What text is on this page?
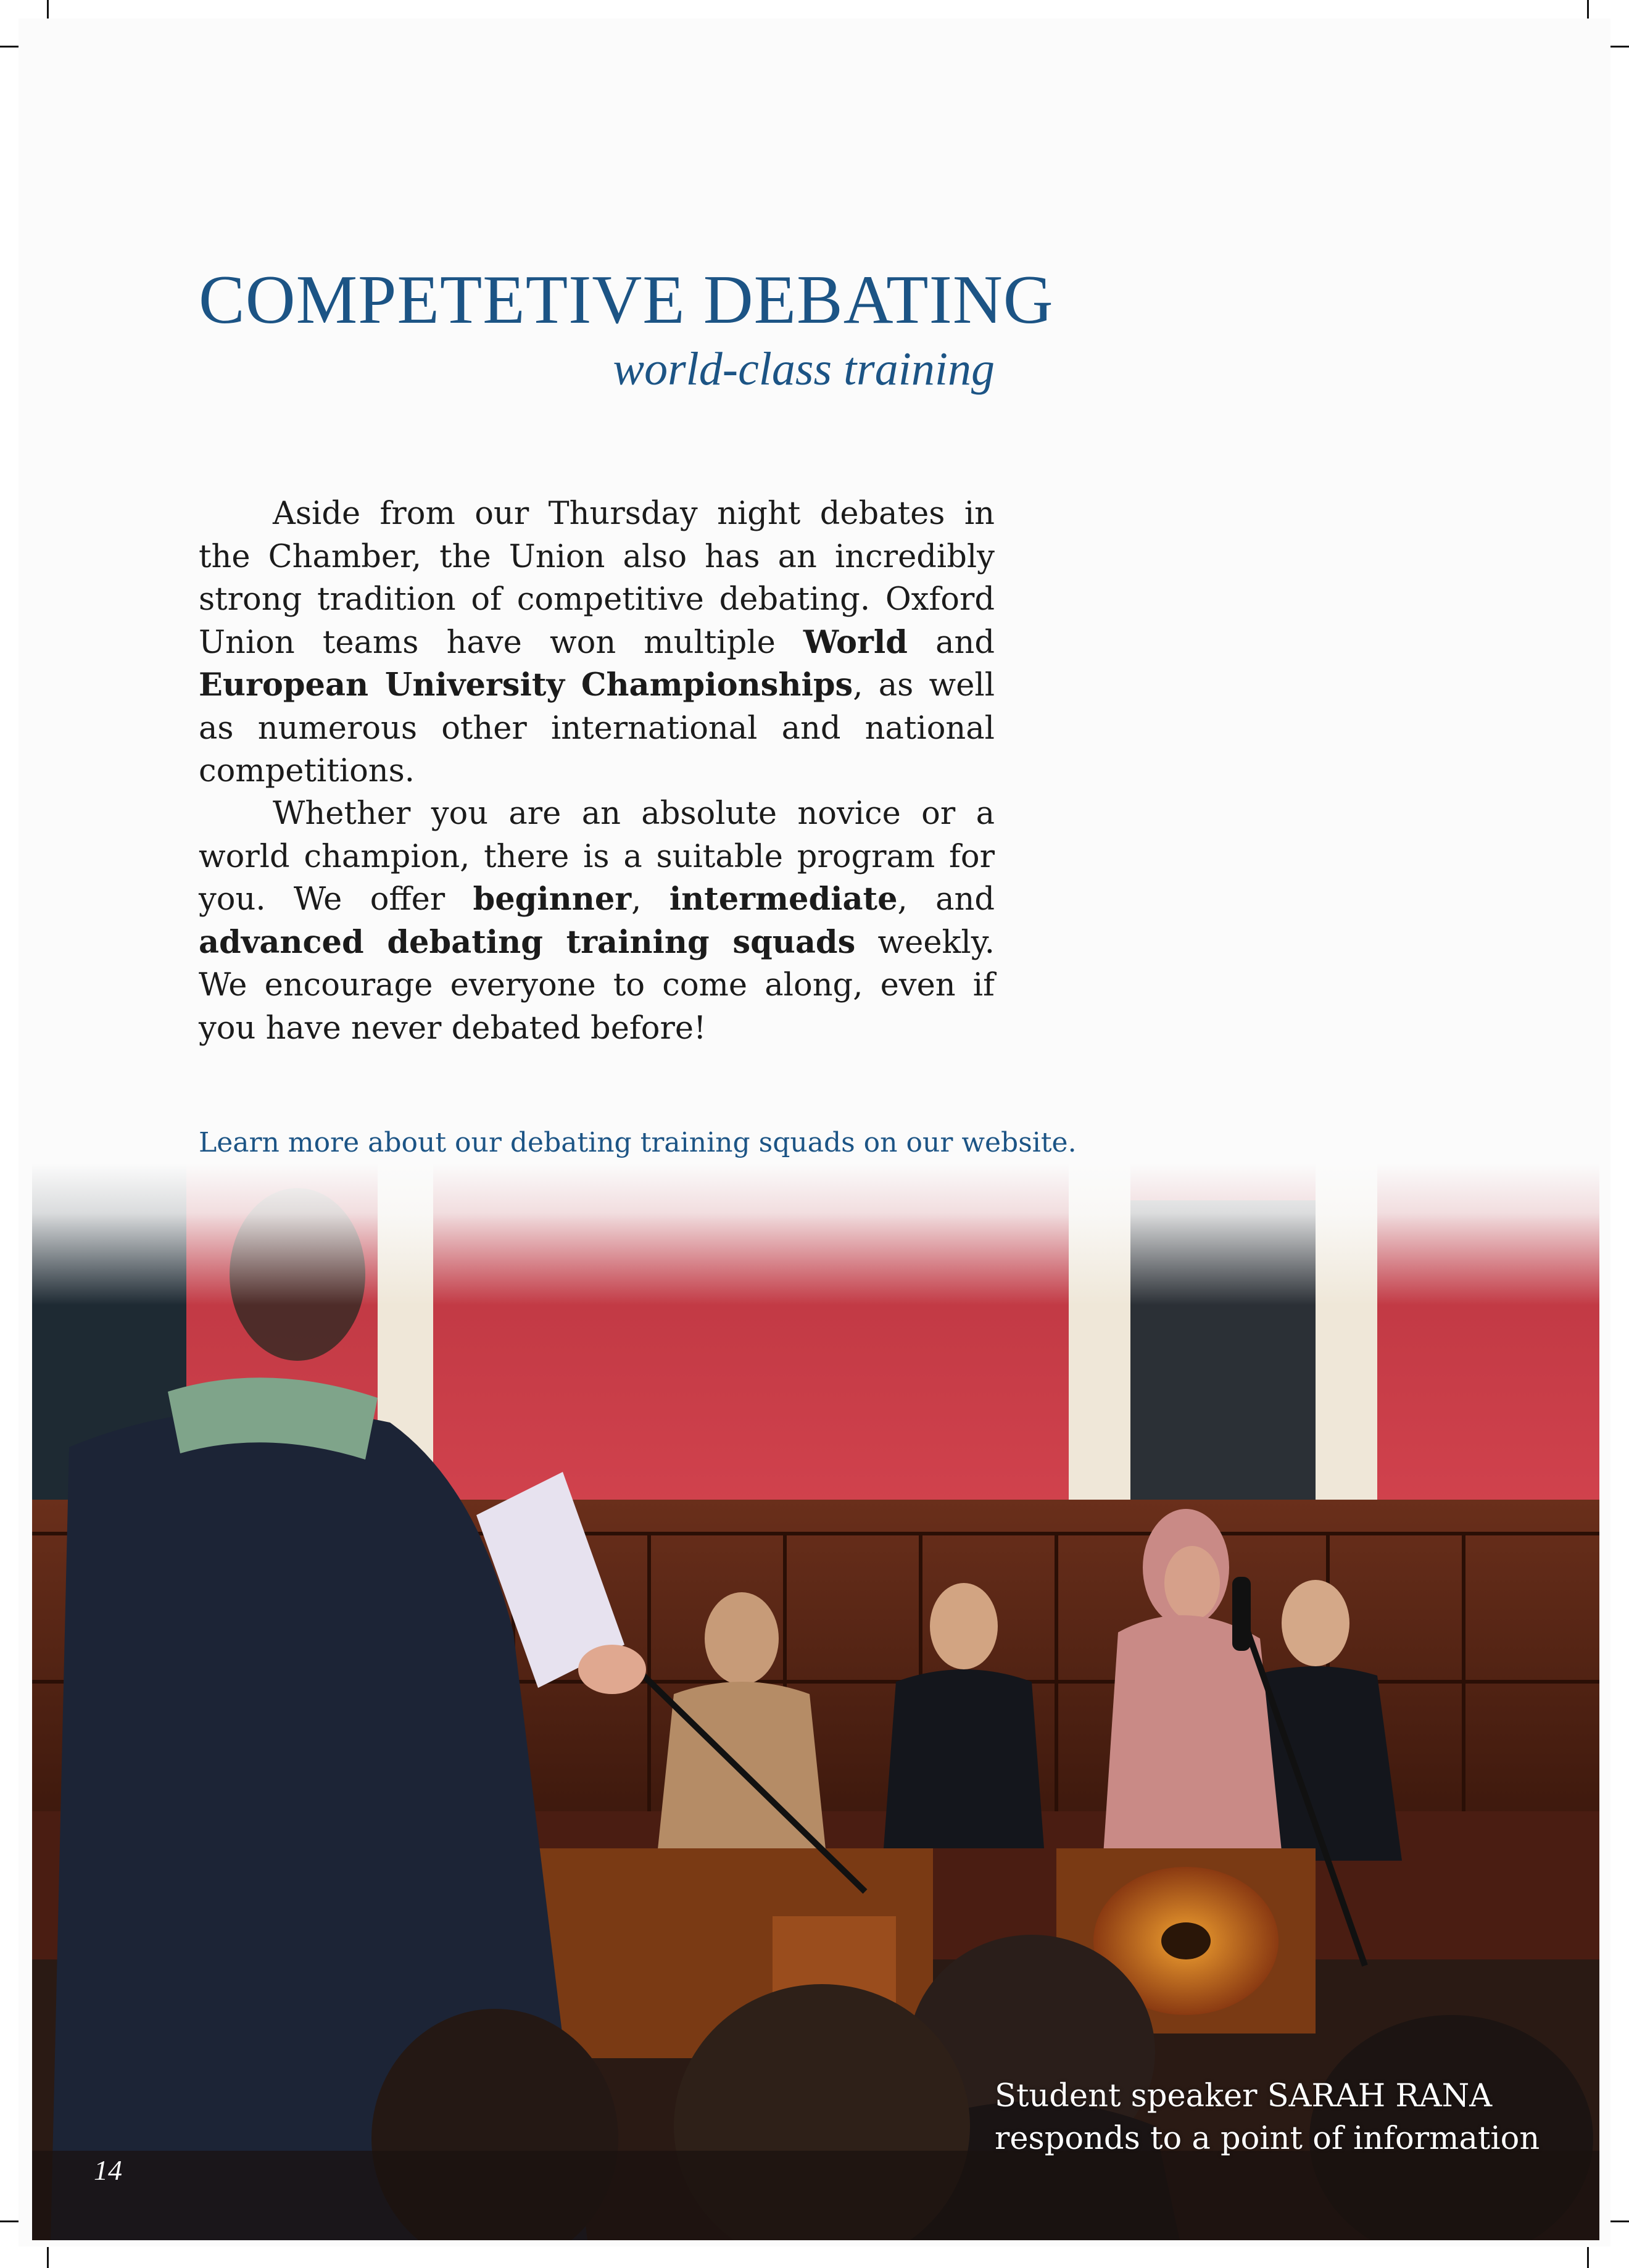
COMPETETIVE DEBATING
world-class training

Aside from our Thursday night debates in the Chamber, the Union also has an incredibly strong tradition of competitive debating. Oxford Union teams have won multiple World and European University Championships, as well as numerous other international and national competitions.

Whether you are an absolute novice or a world champion, there is a suitable program for you. We offer beginner, intermediate, and advanced debating training squads weekly. We encourage everyone to come along, even if you have never debated before!

Learn more about our debating training squads on our website.
Student speaker SARAH RANA
responds to a point of information
14
